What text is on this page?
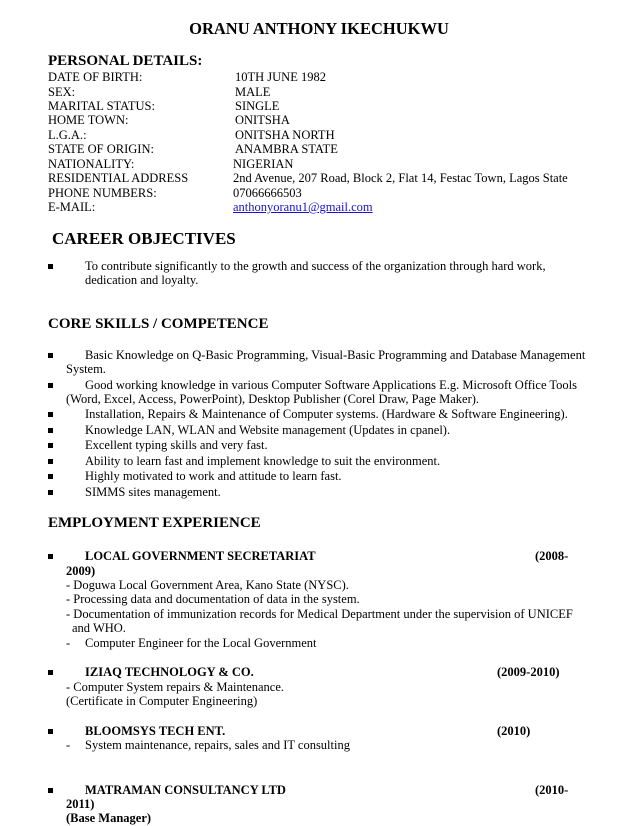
ORANU ANTHONY IKECHUKWU
PERSONAL DETAILS:
DATE OF BIRTH:	10TH JUNE 1982
SEX:	MALE
MARITAL STATUS:	SINGLE
HOME TOWN:	ONITSHA
L.G.A.:	ONITSHA NORTH
STATE OF ORIGIN:	ANAMBRA STATE
NATIONALITY:	NIGERIAN
RESIDENTIAL ADDRESS	2nd Avenue, 207 Road, Block 2, Flat 14, Festac Town, Lagos State
PHONE NUMBERS:	07066666503
E-MAIL:	anthonyoranu1@gmail.com
CAREER OBJECTIVES
To contribute significantly to the growth and success of the organization through hard work,
dedication and loyalty.
CORE SKILLS / COMPETENCE
Basic Knowledge on Q-Basic Programming, Visual-Basic Programming and Database Management
System.
Good working knowledge in various Computer Software Applications E.g. Microsoft Office Tools
(Word, Excel, Access, PowerPoint), Desktop Publisher (Corel Draw, Page Maker).
Installation, Repairs & Maintenance of Computer systems. (Hardware & Software Engineering).
Knowledge LAN, WLAN and Website management (Updates in cpanel).
Excellent typing skills and very fast.
Ability to learn fast and implement knowledge to suit the environment.
Highly motivated to work and attitude to learn fast.
SIMMS sites management.
EMPLOYMENT EXPERIENCE
LOCAL GOVERNMENT SECRETARIAT	(2008-
2009)
- Doguwa Local Government Area, Kano State (NYSC).
- Processing data and documentation of data in the system.
- Documentation of immunization records for Medical Department under the supervision of UNICEF
and WHO.
- Computer Engineer for the Local Government
IZIAQ TECHNOLOGY & CO.	(2009-2010)
- Computer System repairs & Maintenance.
(Certificate in Computer Engineering)
BLOOMSYS TECH ENT.	(2010)
- System maintenance, repairs, sales and IT consulting
MATRAMAN CONSULTANCY LTD	(2010-
2011)
(Base Manager)
